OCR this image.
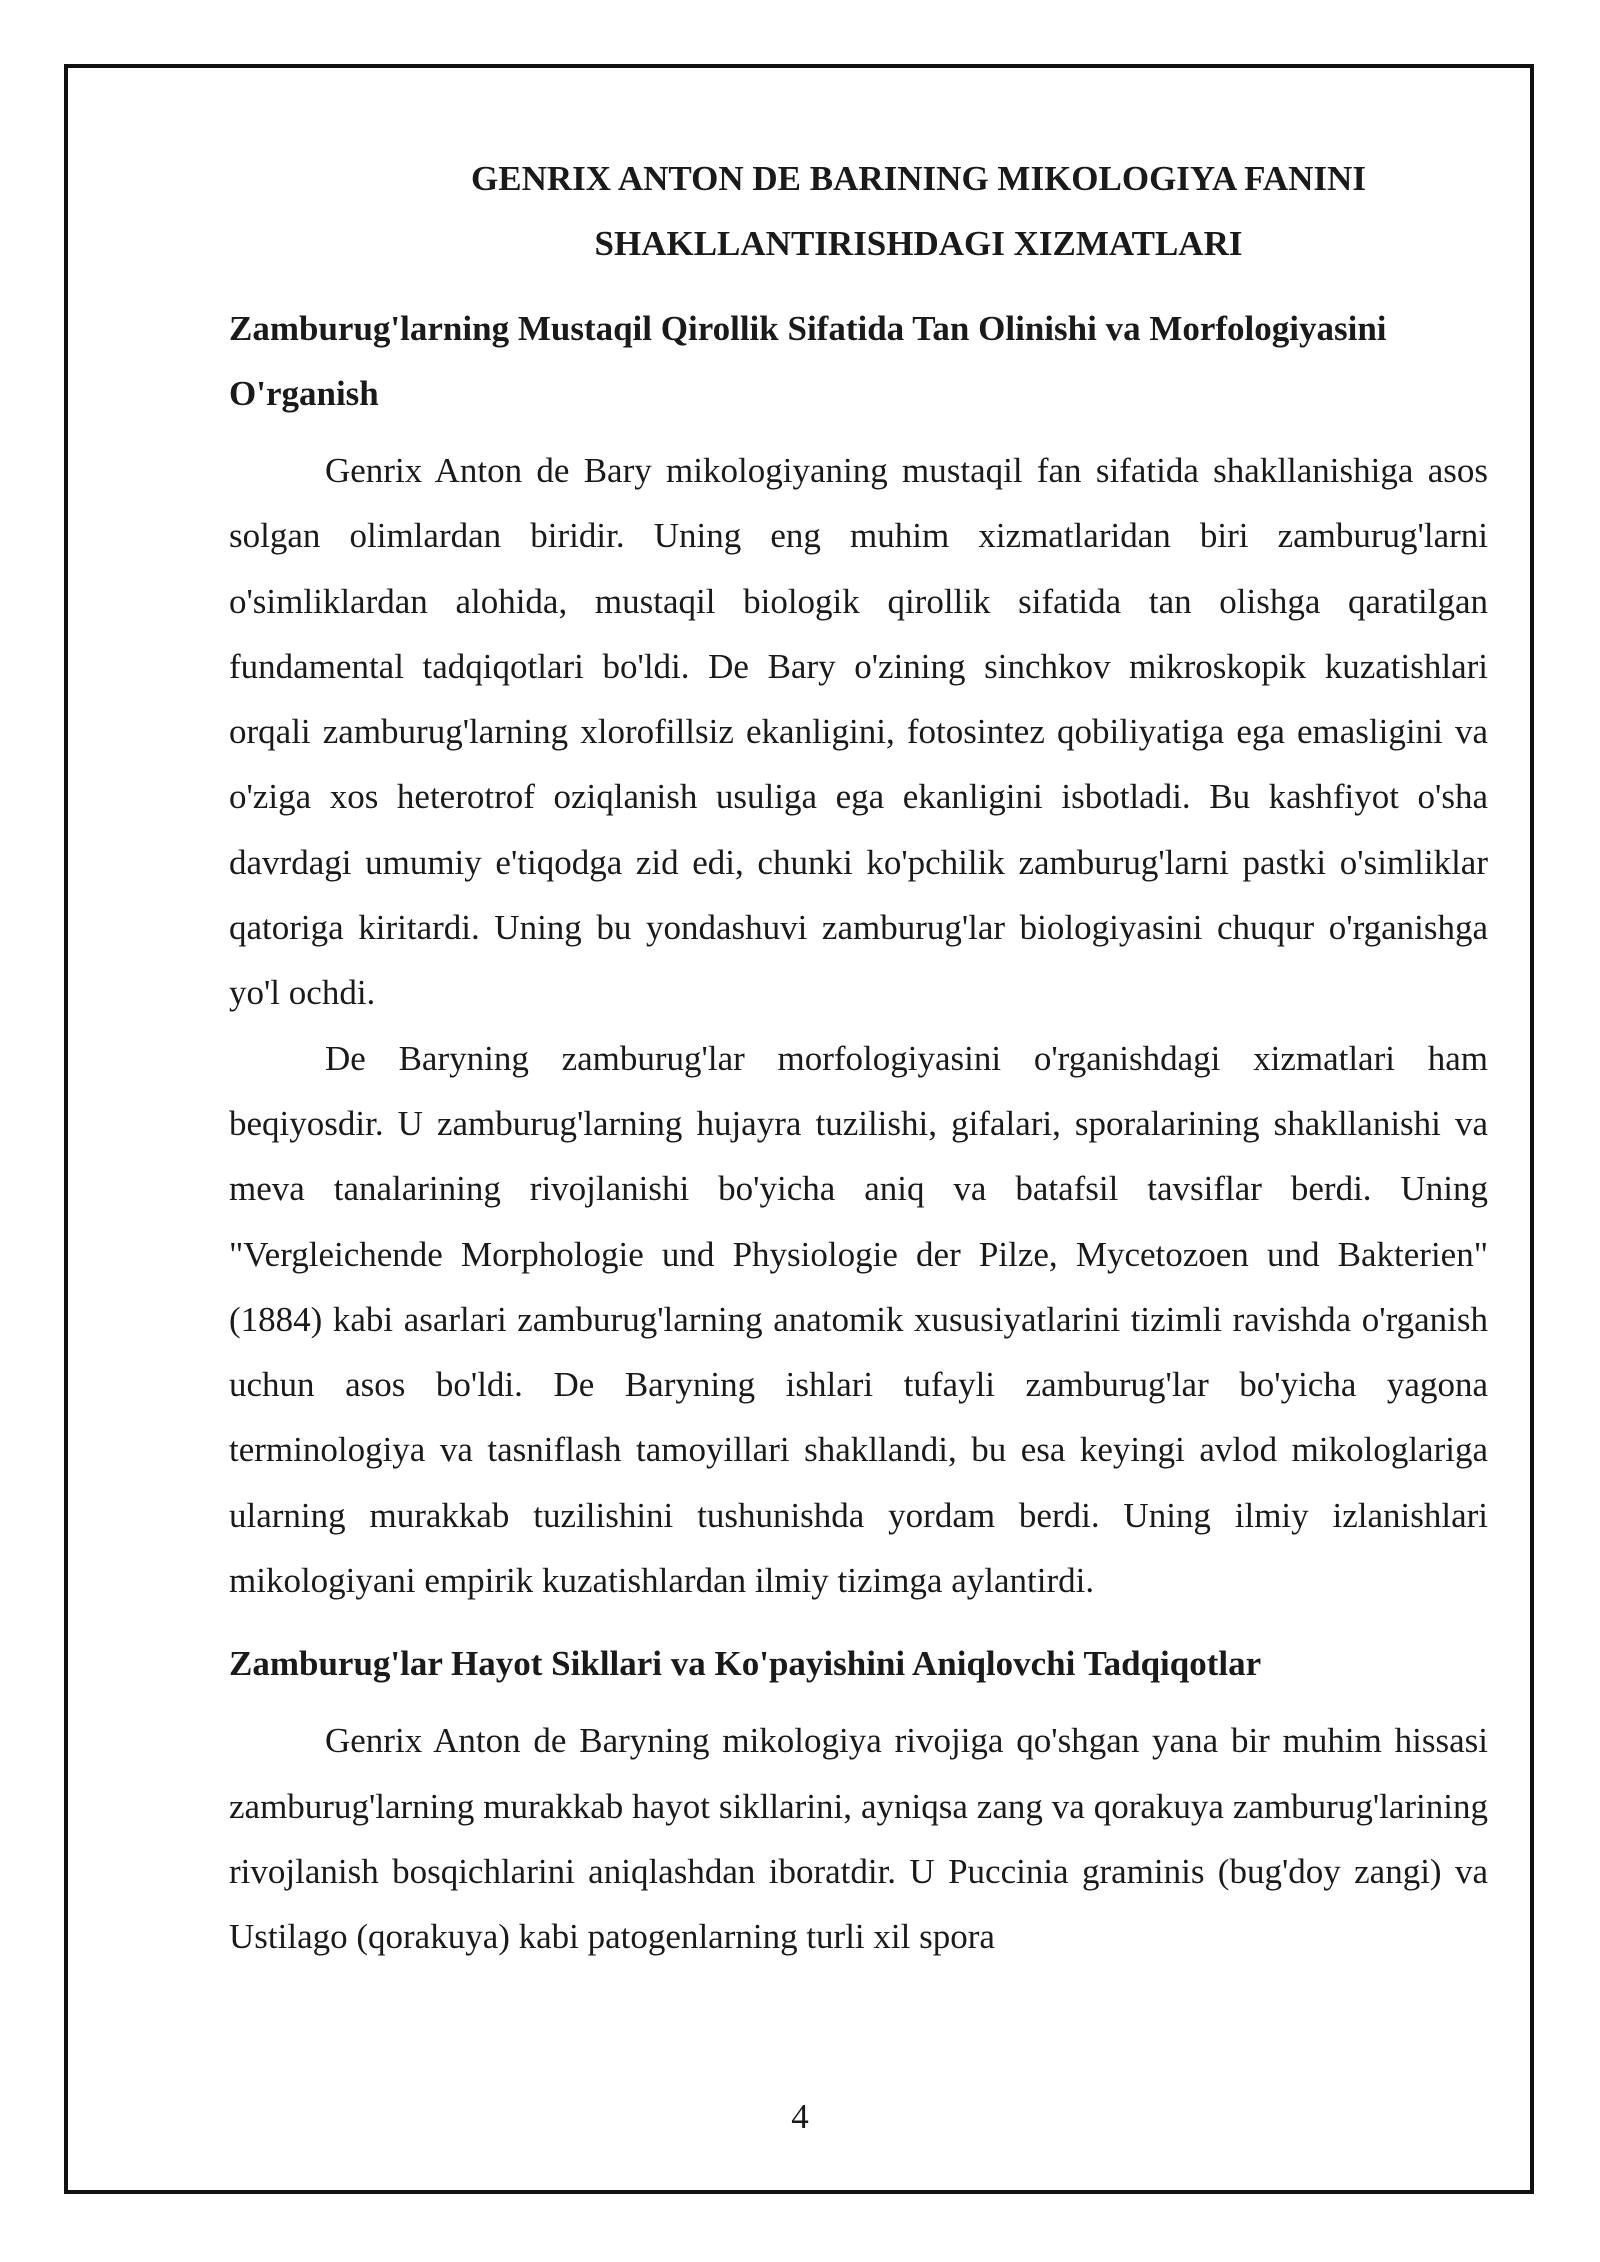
GENRIX ANTON DE BARINING MIKOLOGIYA FANINI
SHAKLLANTIRISHDAGI XIZMATLARI
Zamburug'larning Mustaqil Qirollik Sifatida Tan Olinishi va Morfologiyasini O'rganish

Genrix Anton de Bary mikologiyaning mustaqil fan sifatida shakllanishiga asos solgan olimlardan biridir. Uning eng muhim xizmatlaridan biri zamburug'larni o'simliklardan alohida, mustaqil biologik qirollik sifatida tan olishga qaratilgan fundamental tadqiqotlari bo'ldi. De Bary o'zining sinchkov mikroskopik kuzatishlari orqali zamburug'larning xlorofillsiz ekanligini, fotosintez qobiliyatiga ega emasligini va o'ziga xos heterotrof oziqlanish usuliga ega ekanligini isbotladi. Bu kashfiyot o'sha davrdagi umumiy e'tiqodga zid edi, chunki ko'pchilik zamburug'larni pastki o'simliklar qatoriga kiritardi. Uning bu yondashuvi zamburug'lar biologiyasini chuqur o'rganishga yo'l ochdi.

De Baryning zamburug'lar morfologiyasini o'rganishdagi xizmatlari ham beqiyosdir. U zamburug'larning hujayra tuzilishi, gifalari, sporalarining shakllanishi va meva tanalarining rivojlanishi bo'yicha aniq va batafsil tavsiflar berdi. Uning "Vergleichende Morphologie und Physiologie der Pilze, Mycetozoen und Bakterien" (1884) kabi asarlari zamburug'larning anatomik xususiyatlarini tizimli ravishda o'rganish uchun asos bo'ldi. De Baryning ishlari tufayli zamburug'lar bo'yicha yagona terminologiya va tasniflash tamoyillari shakllandi, bu esa keyingi avlod mikologlariga ularning murakkab tuzilishini tushunishda yordam berdi. Uning ilmiy izlanishlari mikologiyani empirik kuzatishlardan ilmiy tizimga aylantirdi.

Zamburug'lar Hayot Sikllari va Ko'payishini Aniqlovchi Tadqiqotlar

Genrix Anton de Baryning mikologiya rivojiga qo'shgan yana bir muhim hissasi zamburug'larning murakkab hayot sikllarini, ayniqsa zang va qorakuya zamburug'larining rivojlanish bosqichlarini aniqlashdan iboratdir. U Puccinia graminis (bug'doy zangi) va Ustilago (qorakuya) kabi patogenlarning turli xil spora

4
